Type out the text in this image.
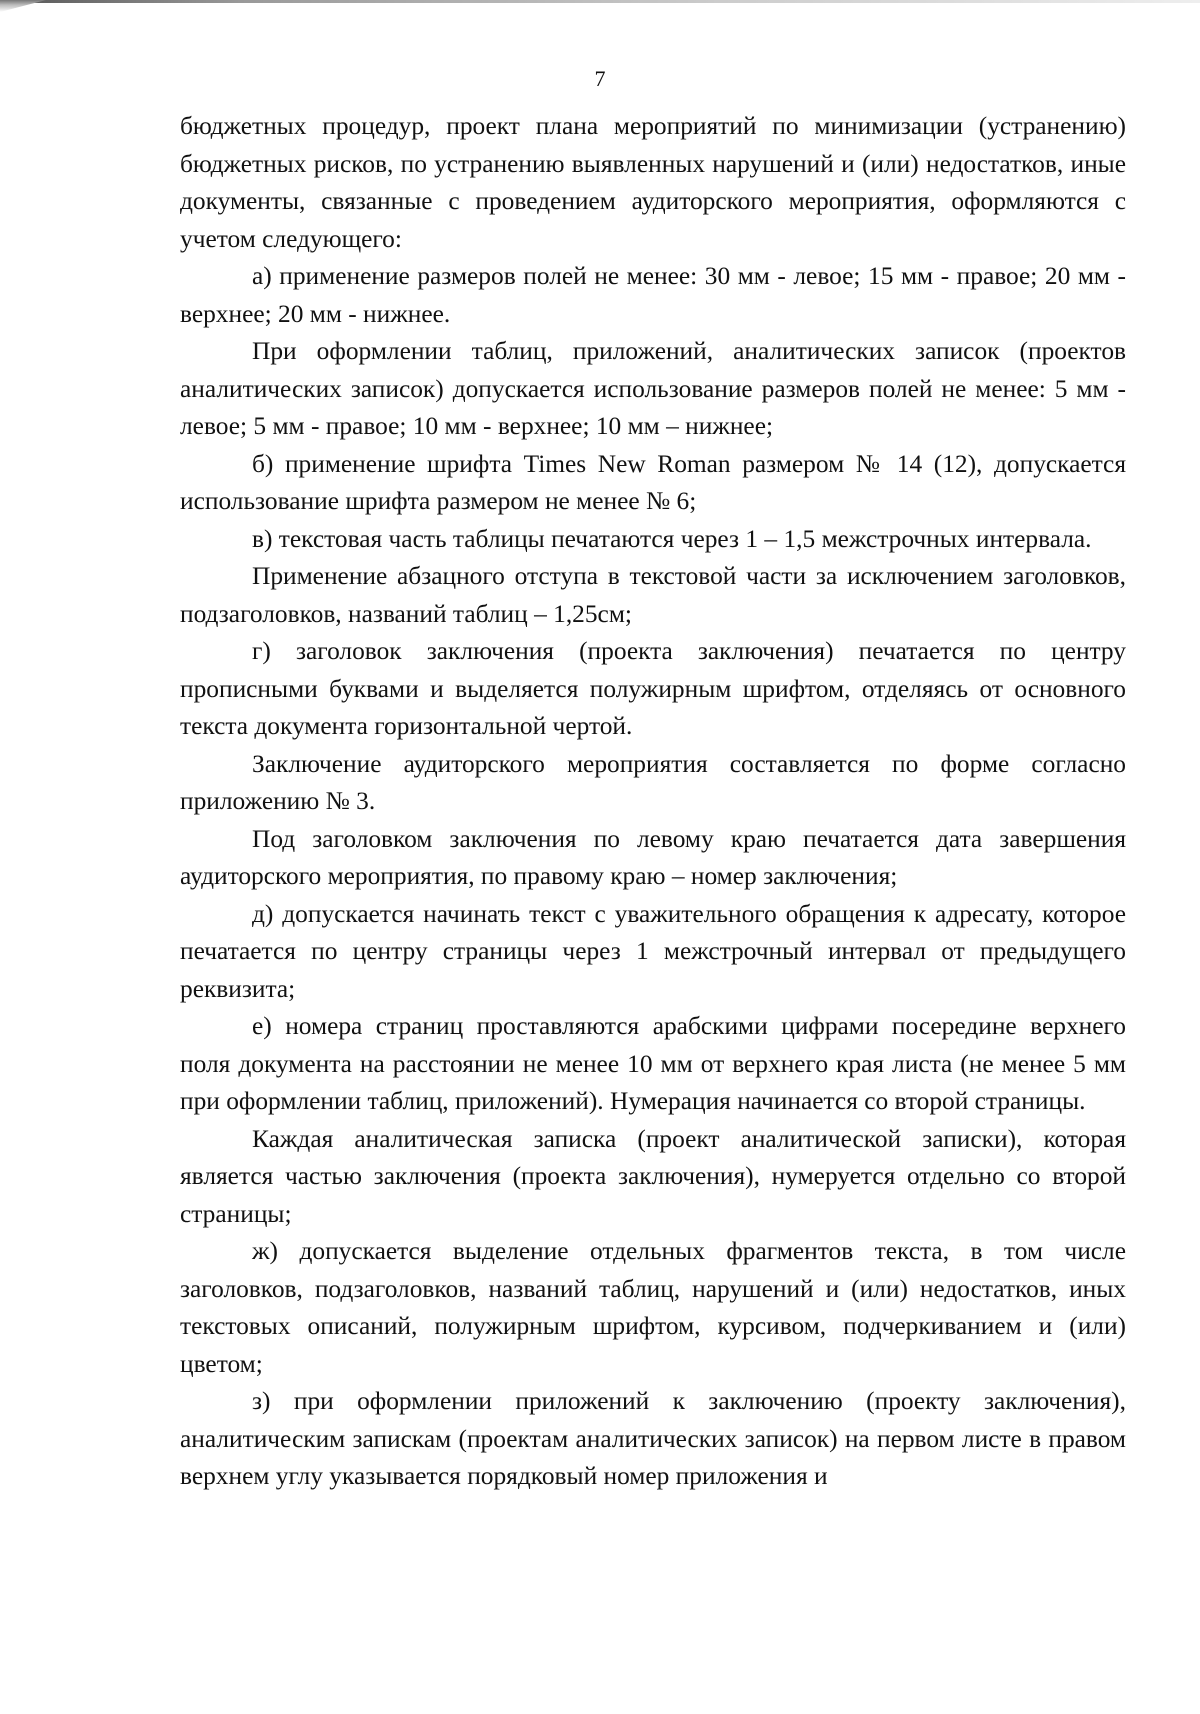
7

бюджетных процедур, проект плана мероприятий по минимизации (устранению) бюджетных рисков, по устранению выявленных нарушений и (или) недостатков, иные документы, связанные с проведением аудиторского мероприятия, оформляются с учетом следующего:

а) применение размеров полей не менее: 30 мм - левое; 15 мм - правое; 20 мм - верхнее; 20 мм - нижнее.

При оформлении таблиц, приложений, аналитических записок (проектов аналитических записок) допускается использование размеров полей не менее: 5 мм - левое; 5 мм - правое; 10 мм - верхнее; 10 мм – нижнее;

б) применение шрифта Times New Roman размером № 14 (12), допускается использование шрифта размером не менее № 6;

в) текстовая часть таблицы печатаются через 1 – 1,5 межстрочных интервала.

Применение абзацного отступа в текстовой части за исключением заголовков, подзаголовков, названий таблиц – 1,25см;

г) заголовок заключения (проекта заключения) печатается по центру прописными буквами и выделяется полужирным шрифтом, отделяясь от основного текста документа горизонтальной чертой.

Заключение аудиторского мероприятия составляется по форме согласно приложению № 3.

Под заголовком заключения по левому краю печатается дата завершения аудиторского мероприятия, по правому краю – номер заключения;

д) допускается начинать текст с уважительного обращения к адресату, которое печатается по центру страницы через 1 межстрочный интервал от предыдущего реквизита;

е) номера страниц проставляются арабскими цифрами посередине верхнего поля документа на расстоянии не менее 10 мм от верхнего края листа (не менее 5 мм при оформлении таблиц, приложений). Нумерация начинается со второй страницы.

Каждая аналитическая записка (проект аналитической записки), которая является частью заключения (проекта заключения), нумеруется отдельно со второй страницы;

ж) допускается выделение отдельных фрагментов текста, в том числе заголовков, подзаголовков, названий таблиц, нарушений и (или) недостатков, иных текстовых описаний, полужирным шрифтом, курсивом, подчеркиванием и (или) цветом;

з) при оформлении приложений к заключению (проекту заключения), аналитическим запискам (проектам аналитических записок) на первом листе в правом верхнем углу указывается порядковый номер приложения и
